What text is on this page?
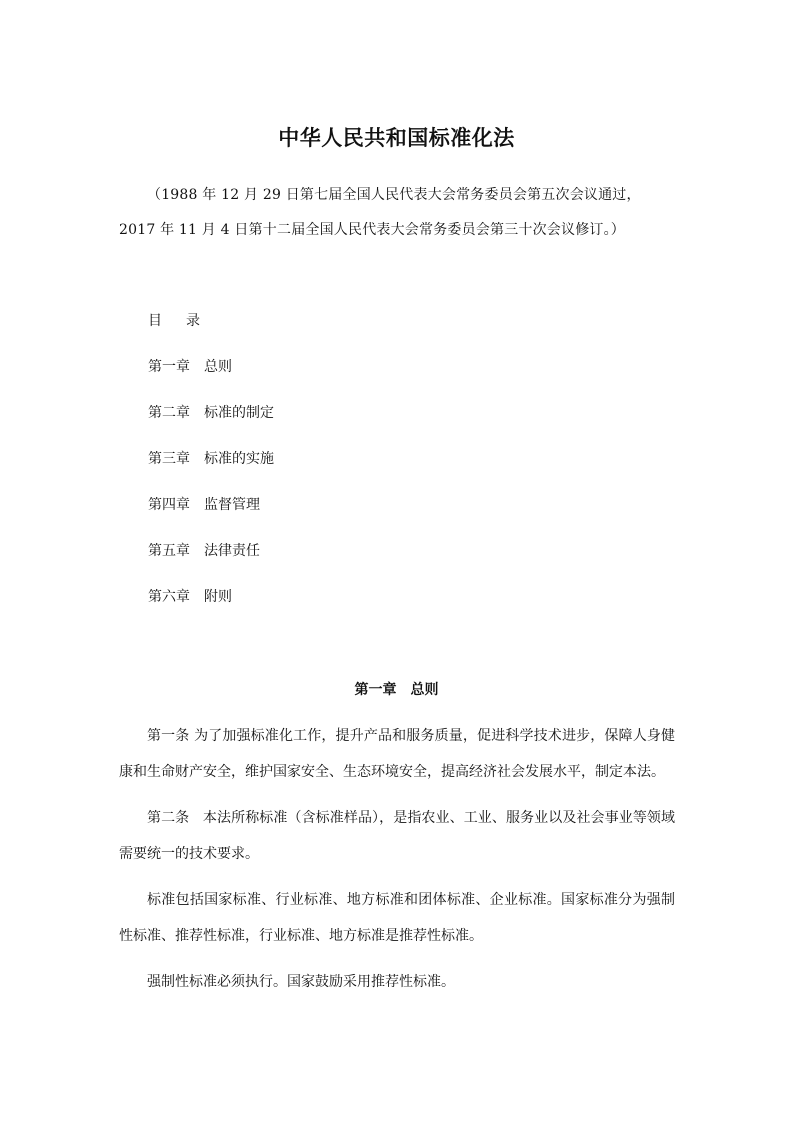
中华人民共和国标准化法

（1988 年 12 月 29 日第七届全国人民代表大会常务委员会第五次会议通过，2017 年 11 月 4 日第十二届全国人民代表大会常务委员会第三十次会议修订。）

目 录
第一章 总则
第二章 标准的制定
第三章 标准的实施
第四章 监督管理
第五章 法律责任
第六章 附则
第一章 总则

第一条 为了加强标准化工作，提升产品和服务质量，促进科学技术进步，保障人身健康和生命财产安全，维护国家安全、生态环境安全，提高经济社会发展水平，制定本法。

第二条 本法所称标准（含标准样品），是指农业、工业、服务业以及社会事业等领域需要统一的技术要求。

标准包括国家标准、行业标准、地方标准和团体标准、企业标准。国家标准分为强制性标准、推荐性标准，行业标准、地方标准是推荐性标准。

强制性标准必须执行。国家鼓励采用推荐性标准。
